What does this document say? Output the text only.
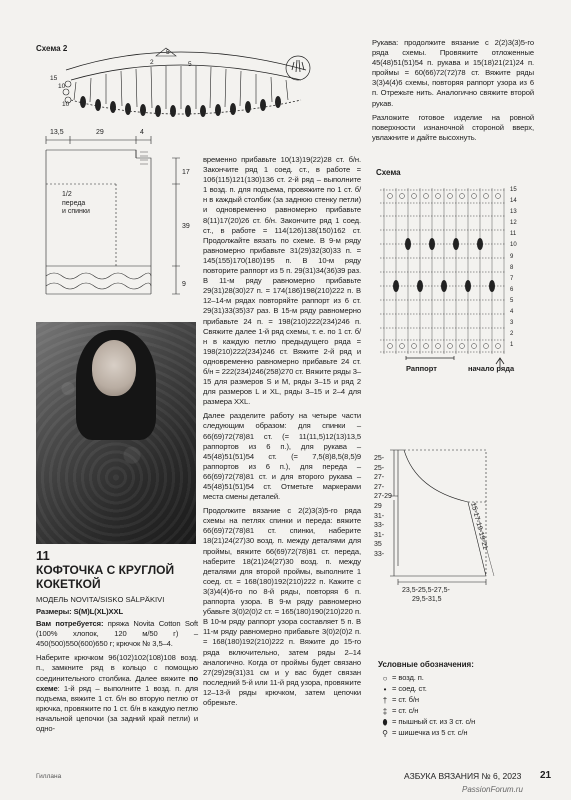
Схема 2
15
10
5
5
2
10
13,5	29	4
17
39
9
1/2
переда
и спинки
11
КОФТОЧКА С КРУГЛОЙ
КОКЕТКОЙ
МОДЕЛЬ NOVITA/SISKO SÄLPÄKIVI
Размеры: S(M)L(XL)XXL

Вам потребуется: пряжа Novita Cotton Soft (100% хлопок, 120 м/50 г) – 450(500)550(600)650 г; крючок № 3,5–4.

Наберите крючком 96(102)102(108)108 возд. п., замкните ряд в кольцо с помощью соединительного столбика. Далее вяжите по схеме: 1-й ряд – выполните 1 возд. п. для подъема, вяжите 1 ст. б/н во вторую петлю от крючка, провяжите по 1 ст. б/н в каждую петлю начальной цепочки (за задний край петли) и одно-

временно прибавьте 10(13)19(22)28 ст. б/н. Закончите ряд 1 соед. ст., в работе = 106(115)121(130)136 ст. 2-й ряд – выполните 1 возд. п. для подъема, провяжите по 1 ст. б/н в каждый столбик (за заднюю стенку петли) и одновременно равномерно прибавьте 8(11)17(20)26 ст. б/н. Закончите ряд 1 соед. ст., в работе = 114(126)138(150)162 ст. Продолжайте вязать по схеме. В 9-м ряду равномерно прибавьте 31(29)32(30)33 п. = 145(155)170(180)195 п. В 10-м ряду повторите раппорт из 5 п. 29(31)34(36)39 раз. В 11-м ряду равномерно прибавьте 29(31)28(30)27 п. = 174(186)198(210)222 п. В 12–14-м рядах повторяйте раппорт из 6 ст. 29(31)33(35)37 раз. В 15-м ряду равномерно прибавьте 24 п. = 198(210)222(234)246 п. Свяжите далее 1-й ряд схемы, т. е. по 1 ст. б/н в каждую петлю предыдущего ряда = 198(210)222(234)246 ст. Вяжите 2-й ряд и одновременно равномерно прибавьте 24 ст. б/н = 222(234)246(258)270 ст. Вяжите ряды 3–15 для размеров S и M, ряды 3–15 и ряд 2 для размеров L и XL, ряды 3–15 и 2–4 для размера XXL.

Далее разделите работу на четыре части следующим образом: для спинки – 66(69)72(78)81 ст. (= 11(11,5)12(13)13,5 раппортов из 6 п.), для рукава – 45(48)51(51)54 ст. (= 7,5(8)8,5(8,5)9 раппортов из 6 п.), для переда – 66(69)72(78)81 ст. и для второго рукава – 45(48)51(51)54 ст. Отметьте маркерами места смены деталей.

Продолжите вязание с 2(2)3(3)5-го ряда схемы на петлях спинки и переда: вяжите 66(69)72(78)81 ст. спинки, наберите 18(21)24(27)30 возд. п. между деталями для проймы, вяжите 66(69)72(78)81 ст. переда, наберите 18(21)24(27)30 возд. п. между деталями для второй проймы, выполните 1 соед. ст. = 168(180)192(210)222 п. Кажите с 3(3)4(4)6-го по 8-й ряды, повторяя 6 п. раппорта узора. В 9-м ряду равномерно убавьте 3(0)2(0)2 ст. = 165(180)190(210)220 п. В 10-м ряду раппорт узора составляет 5 п. В 11-м ряду равномерно прибавьте 3(0)2(0)2 п. = 168(180)192(210)222 п. Вяжите до 15-го ряда включительно, затем ряды 2–14 аналогично. Когда от проймы будет связано 27(29)29(31)31 см и у вас будет связан последний 5-й или 11-й ряд узора, провяжите 12–13-й ряды крючком, затем цепочки обрежьте.

Рукава: продолжите вязание с 2(2)3(3)5-го ряда схемы. Провяжите отложенные 45(48)51(51)54 п. рукава и 15(18)21(21)24 п. проймы = 60(66)72(72)78 ст. Вяжите ряды 3(3)4(4)6 схемы, повторяя раппорт узора из 6 п. Отрежьте нить. Аналогично свяжите второй рукав.

Разложите готовое изделие на ровной поверхности изнаночной стороной вверх, увлажните и дайте высохнуть.

Схема
15
14
13
12
11
10
9
8
7
6
5
4
3
2
1
Раппорт	начало ряда
25-
25-27-
27-
27-29
29
31-
33-31-
35
33-
15-17-19-19-21
23,5-25,5-27,5-
29,5-31,5
Условные обозначения:
○ = возд. п.
• = соед. ст.
† = ст. б/н
‡ = ст. с/н
⬮ = пышный ст. из 3 ст. с/н
⚲ = шишечка из 5 ст. с/н
Гиллана	АЗБУКА ВЯЗАНИЯ № 6, 2023 21
PassionForum.ru
